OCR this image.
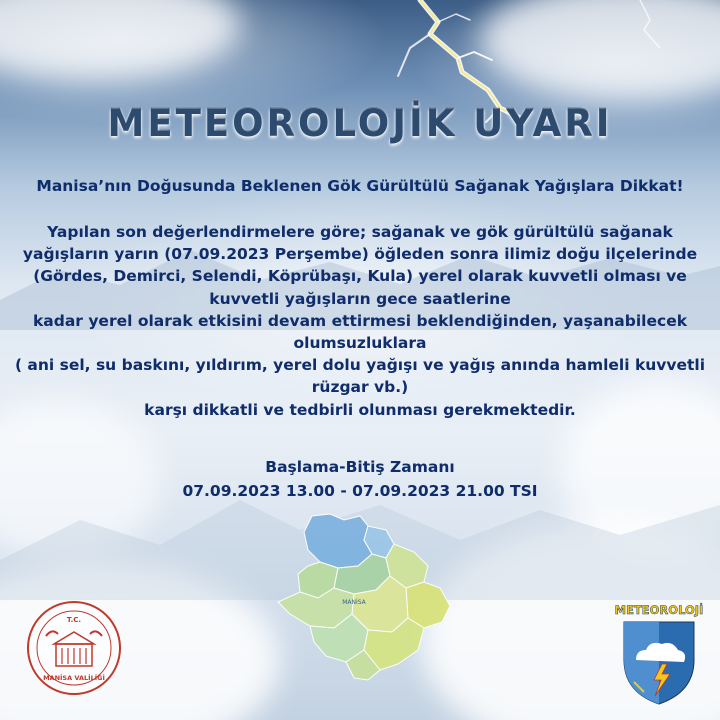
METEOROLOJİK UYARI
Manisa’nın Doğusunda Beklenen Gök Gürültülü Sağanak Yağışlara Dikkat!
Yapılan son değerlendirmelere göre; sağanak ve gök gürültülü sağanak
yağışların yarın (07.09.2023 Perşembe) öğleden sonra ilimiz doğu ilçelerinde
(Gördes, Demirci, Selendi, Köprübaşı, Kula) yerel olarak kuvvetli olması ve
kuvvetli yağışların gece saatlerine
kadar yerel olarak etkisini devam ettirmesi beklendiğinden, yaşanabilecek
olumsuzluklara
( ani sel, su baskını, yıldırım, yerel dolu yağışı ve yağış anında hamleli kuvvetli
rüzgar vb.)
karşı dikkatli ve tedbirli olunması gerekmektedir.
Başlama-Bitiş Zamanı
07.09.2023 13.00 - 07.09.2023 21.00 TSI
MANİSA
T.C.
MANİSA VALİLİĞİ
METEOROLOJİ
